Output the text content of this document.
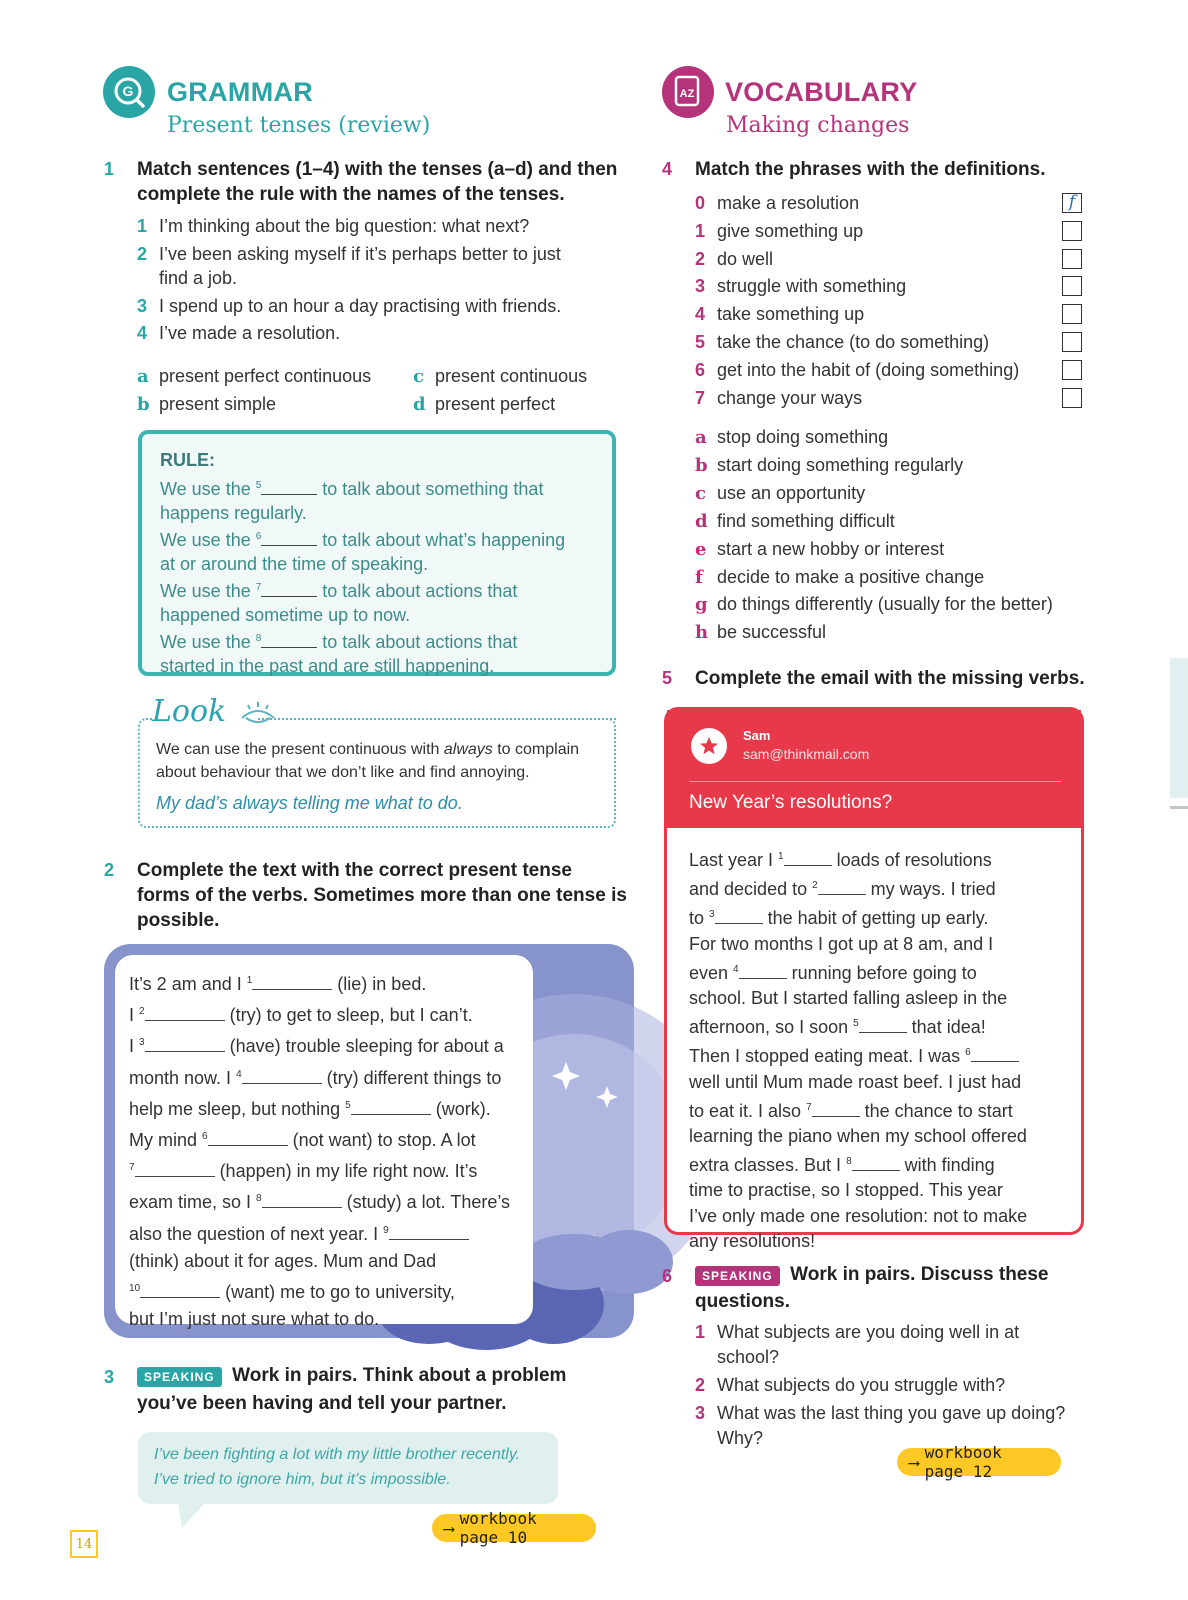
G GRAMMAR
Present tenses (review)
1 Match sentences (1–4) with the tenses (a–d) and then
complete the rule with the names of the tenses.
1 I’m thinking about the big question: what next?
2 I’ve been asking myself if it’s perhaps better to just
find a job.
3 I spend up to an hour a day practising with friends.
4 I’ve made a resolution.
a present perfect continuous c present continuous
b present simple	d present perfect
RULE:
We use the $^5$	to talk about something that
happens regularly.
We use the $^6$	to talk about what’s happening
at or around the time of speaking.
We use the $^7$	to talk about actions that
happened sometime up to now.
We use the $^8$	to talk about actions that
started in the past and are still happening.
We can use the present continuous with always to complain
about behaviour that we don’t like and find annoying.
My dad’s always telling me what to do.
Look
2 Complete the text with the correct present tense
forms of the verbs. Sometimes more than one tense is
possible.
It’s 2 am and I $^1$	(lie) in bed.
I $^2$	(try) to get to sleep, but I can’t.
I $^3$	(have) trouble sleeping for about a
month now. I $^4$	(try) different things to
help me sleep, but nothing $^5$	(work).
My mind $^6$	(not want) to stop. A lot
$^7$	(happen) in my life right now. It’s
exam time, so I $^8$	(study) a lot. There’s
also the question of next year. I $^9$
(think) about it for ages. Mum and Dad
$^{10}$	(want) me to go to university,
but I’m just not sure what to do.
3	SPEAKING Work in pairs. Think about a problem
you’ve been having and tell your partner.
I’ve been fighting a lot with my little brother recently.
I’ve tried to ignore him, but it’s impossible.
⟶ workbook page 10
14
AZ VOCABULARY
Making changes
4 Match the phrases with the definitions.
0 make a resolution	f
1 give something up
2 do well
3 struggle with something
4 take something up
5 take the chance (to do something)
6 get into the habit of (doing something)
7 change your ways
a stop doing something
b start doing something regularly
c use an opportunity
d find something difficult
e start a new hobby or interest
f decide to make a positive change
g do things differently (usually for the better)
h be successful
5 Complete the email with the missing verbs.
Sam
sam@thinkmail.com
New Year’s resolutions?
Last year I $^1$	loads of resolutions
and decided to $^2$	my ways. I tried
to $^3$	the habit of getting up early.
For two months I got up at 8 am, and I
even $^4$	running before going to
school. But I started falling asleep in the
afternoon, so I soon $^5$	that idea!
Then I stopped eating meat. I was $^6$
well until Mum made roast beef. I just had
to eat it. I also $^7$	the chance to start
learning the piano when my school offered
extra classes. But I $^8$	with finding
time to practise, so I stopped. This year
I’ve only made one resolution: not to make
any resolutions!
6	SPEAKING Work in pairs. Discuss these
questions.
1 What subjects are you doing well in at
school?
2 What subjects do you struggle with?
3 What was the last thing you gave up doing?
Why?
⟶ workbook page 12
